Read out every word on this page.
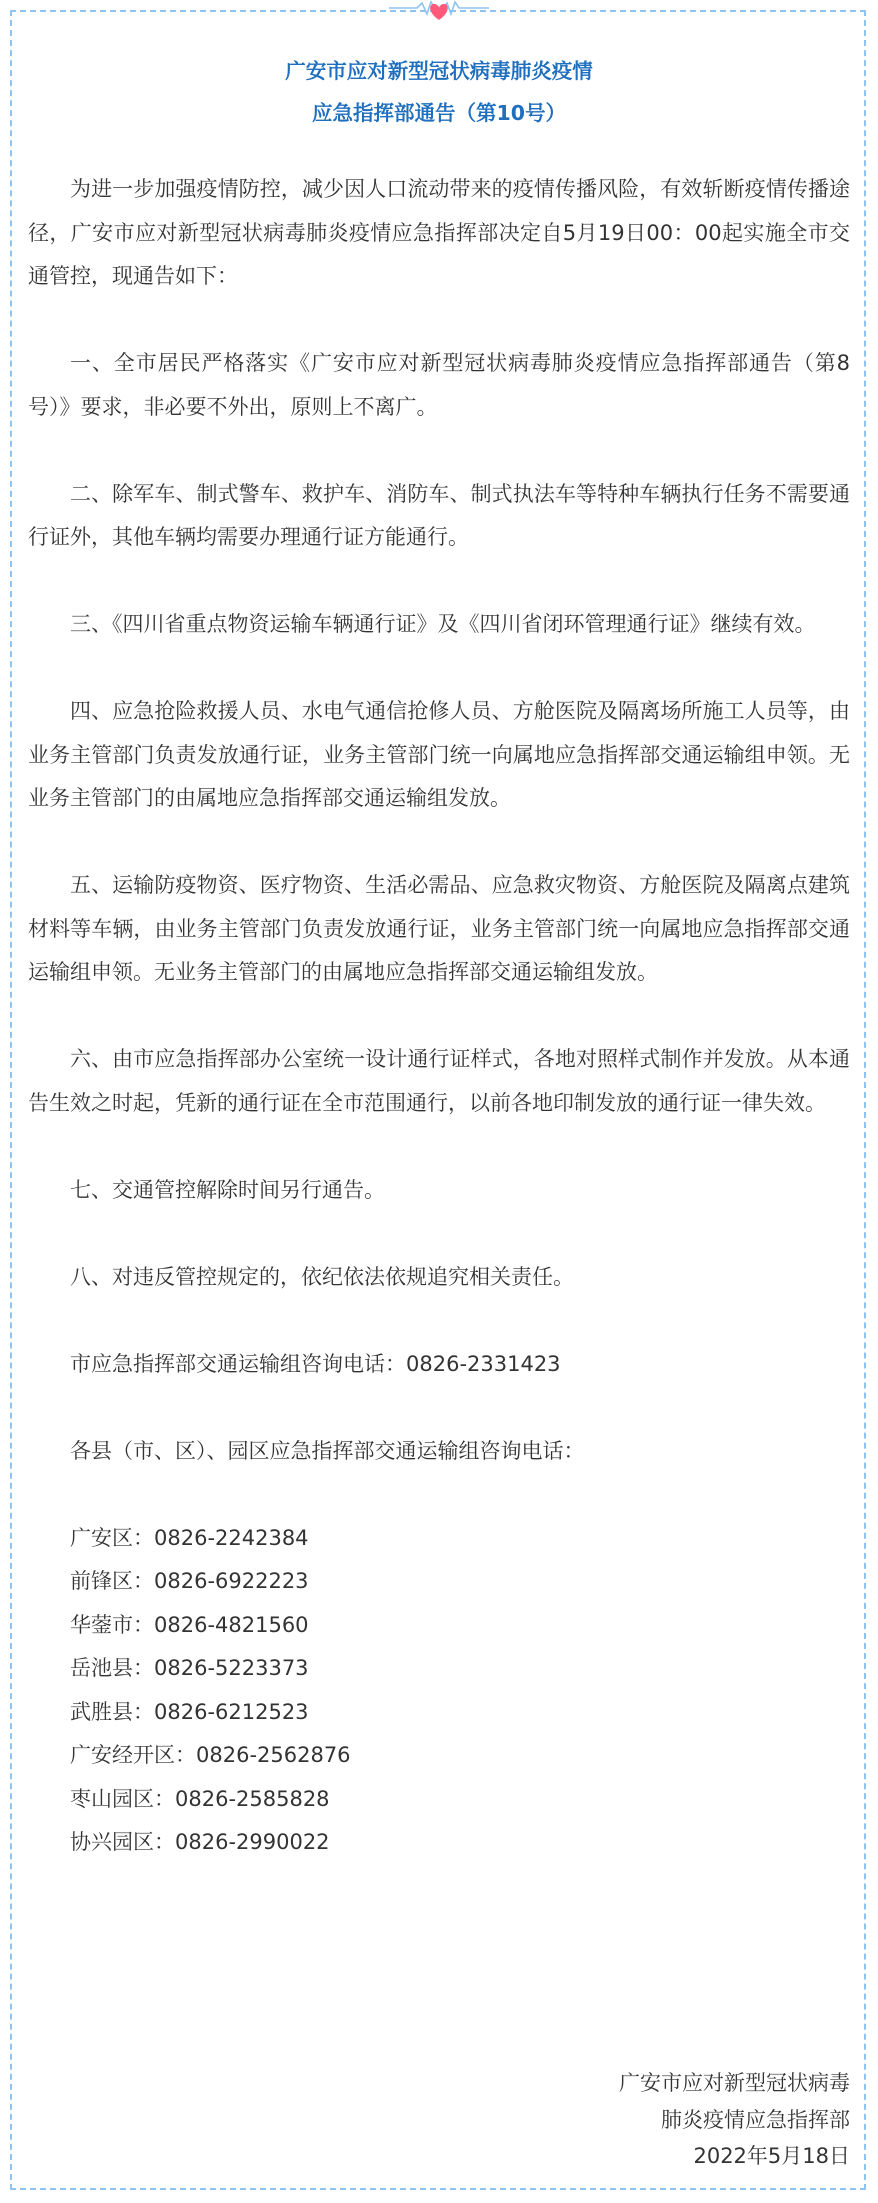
广安市应对新型冠状病毒肺炎疫情
应急指挥部通告（第10号）

为进一步加强疫情防控，减少因人口流动带来的疫情传播风险，有效斩断疫情传播途径，广安市应对新型冠状病毒肺炎疫情应急指挥部决定自5月19日00：00起实施全市交通管控，现通告如下：

一、全市居民严格落实《广安市应对新型冠状病毒肺炎疫情应急指挥部通告（第8号）》要求，非必要不外出，原则上不离广。

二、除军车、制式警车、救护车、消防车、制式执法车等特种车辆执行任务不需要通行证外，其他车辆均需要办理通行证方能通行。

三、《四川省重点物资运输车辆通行证》及《四川省闭环管理通行证》继续有效。

四、应急抢险救援人员、水电气通信抢修人员、方舱医院及隔离场所施工人员等，由业务主管部门负责发放通行证，业务主管部门统一向属地应急指挥部交通运输组申领。无业务主管部门的由属地应急指挥部交通运输组发放。

五、运输防疫物资、医疗物资、生活必需品、应急救灾物资、方舱医院及隔离点建筑材料等车辆，由业务主管部门负责发放通行证，业务主管部门统一向属地应急指挥部交通运输组申领。无业务主管部门的由属地应急指挥部交通运输组发放。

六、由市应急指挥部办公室统一设计通行证样式，各地对照样式制作并发放。从本通告生效之时起，凭新的通行证在全市范围通行，以前各地印制发放的通行证一律失效。

七、交通管控解除时间另行通告。

八、对违反管控规定的，依纪依法依规追究相关责任。

市应急指挥部交通运输组咨询电话：0826-2331423

各县（市、区）、园区应急指挥部交通运输组咨询电话：

广安区：0826-2242384
前锋区：0826-6922223
华蓥市：0826-4821560
岳池县：0826-5223373
武胜县：0826-6212523
广安经开区：0826-2562876
枣山园区：0826-2585828
协兴园区：0826-2990022
广安市应对新型冠状病毒
肺炎疫情应急指挥部
2022年5月18日
